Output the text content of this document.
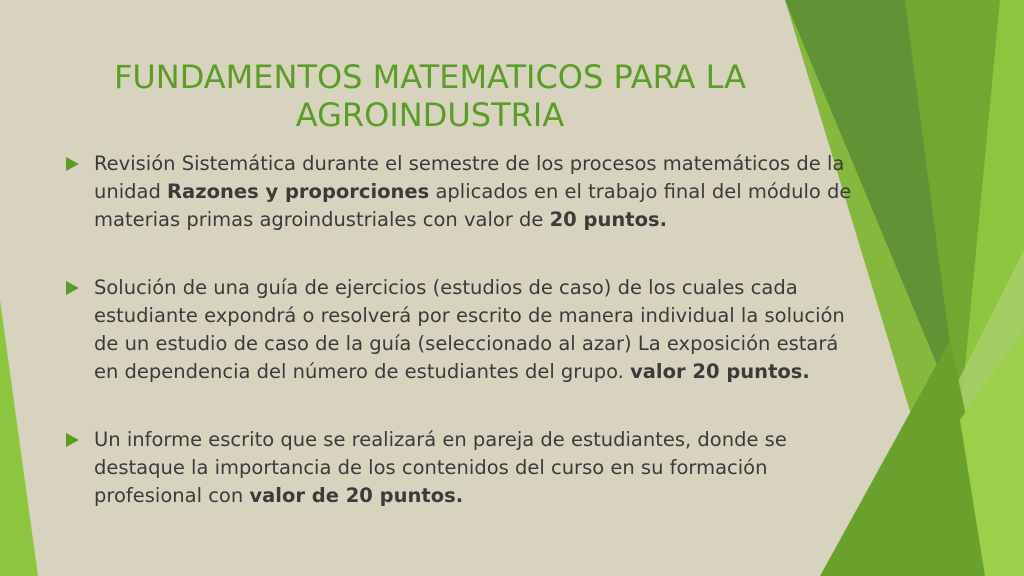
FUNDAMENTOS MATEMATICOS PARA LA
AGROINDUSTRIA
Revisión Sistemática durante el semestre de los procesos matemáticos de la unidad Razones y proporciones aplicados en el trabajo final del módulo de materias primas agroindustriales con valor de 20 puntos.
Solución de una guía de ejercicios (estudios de caso) de los cuales cada estudiante expondrá o resolverá por escrito de manera individual la solución de un estudio de caso de la guía (seleccionado al azar) La exposición estará en dependencia del número de estudiantes del grupo. valor 20 puntos.
Un informe escrito que se realizará en pareja de estudiantes, donde se destaque la importancia de los contenidos del curso en su formación profesional con valor de 20 puntos.
